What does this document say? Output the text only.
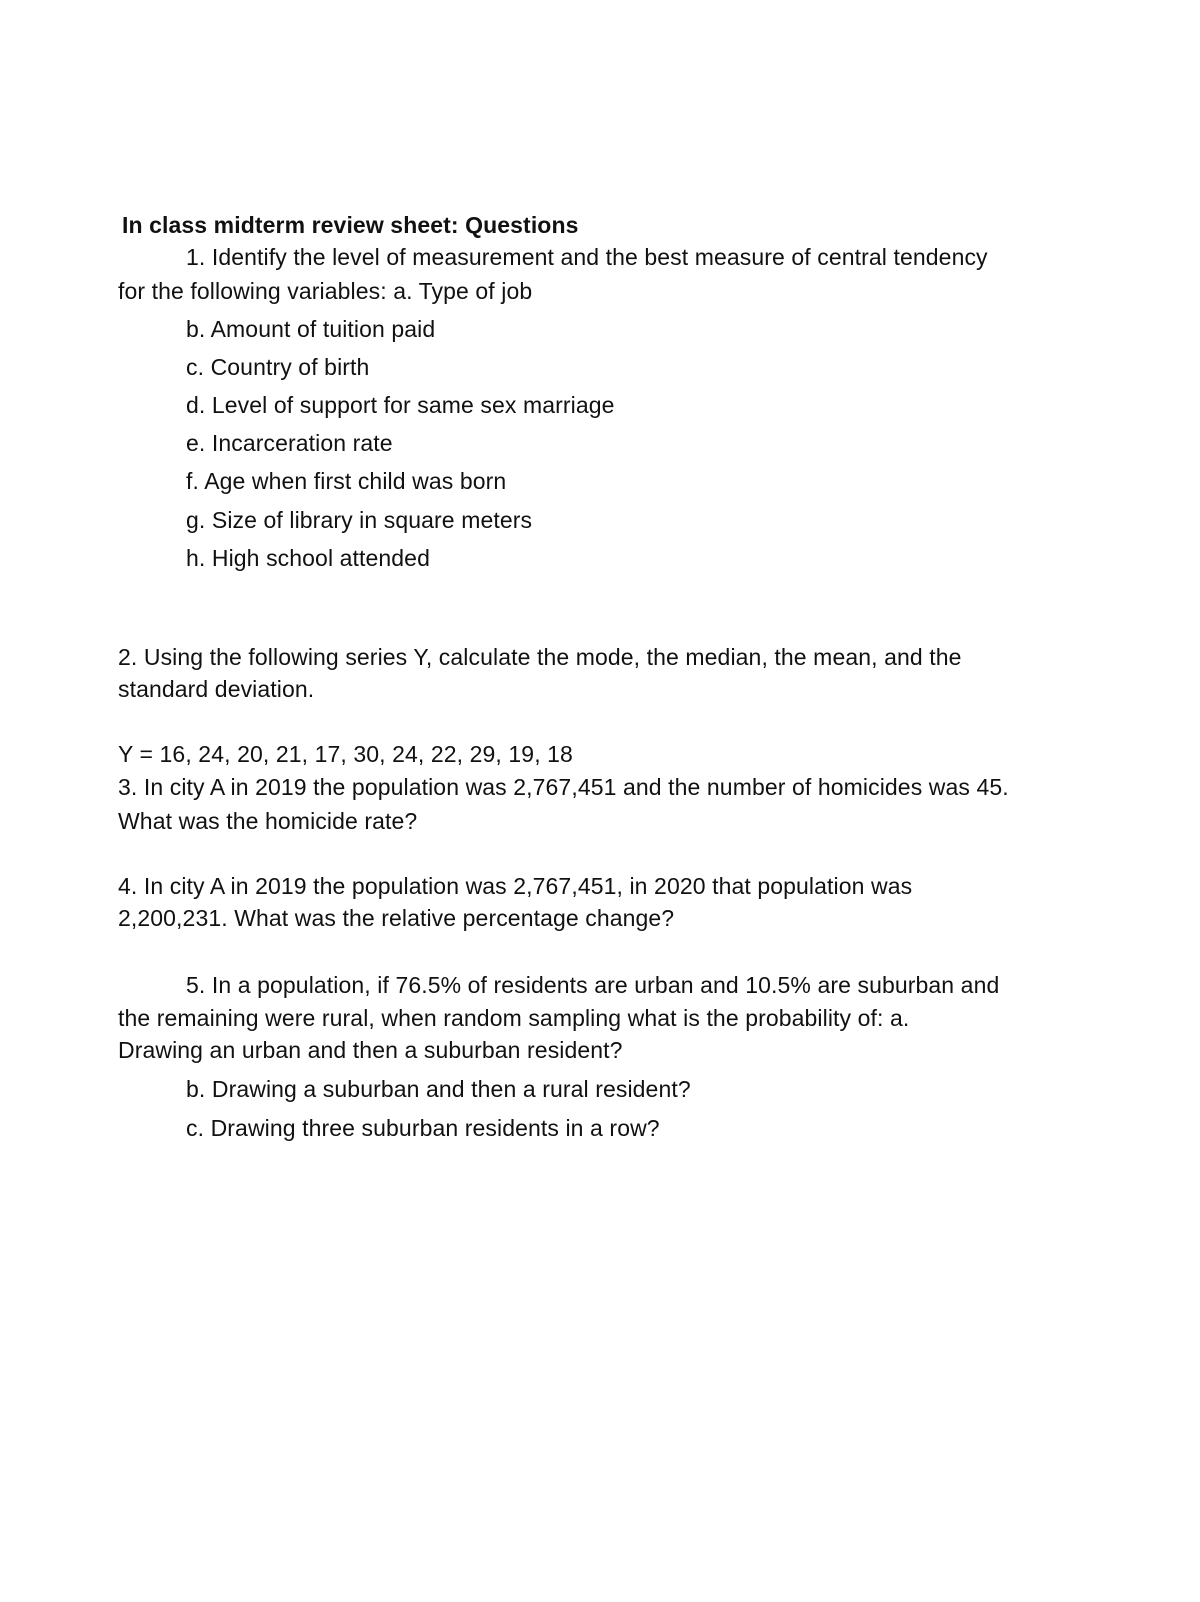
In class midterm review sheet: Questions
1. Identify the level of measurement and the best measure of central tendency
for the following variables: a. Type of job
b. Amount of tuition paid
c. Country of birth
d. Level of support for same sex marriage
e. Incarceration rate
f. Age when first child was born
g. Size of library in square meters
h. High school attended
2. Using the following series Y, calculate the mode, the median, the mean, and the
standard deviation.
Y = 16, 24, 20, 21, 17, 30, 24, 22, 29, 19, 18
3. In city A in 2019 the population was 2,767,451 and the number of homicides was 45.
What was the homicide rate?
4. In city A in 2019 the population was 2,767,451, in 2020 that population was
2,200,231. What was the relative percentage change?
5. In a population, if 76.5% of residents are urban and 10.5% are suburban and
the remaining were rural, when random sampling what is the probability of: a.
Drawing an urban and then a suburban resident?
b. Drawing a suburban and then a rural resident?
c. Drawing three suburban residents in a row?
